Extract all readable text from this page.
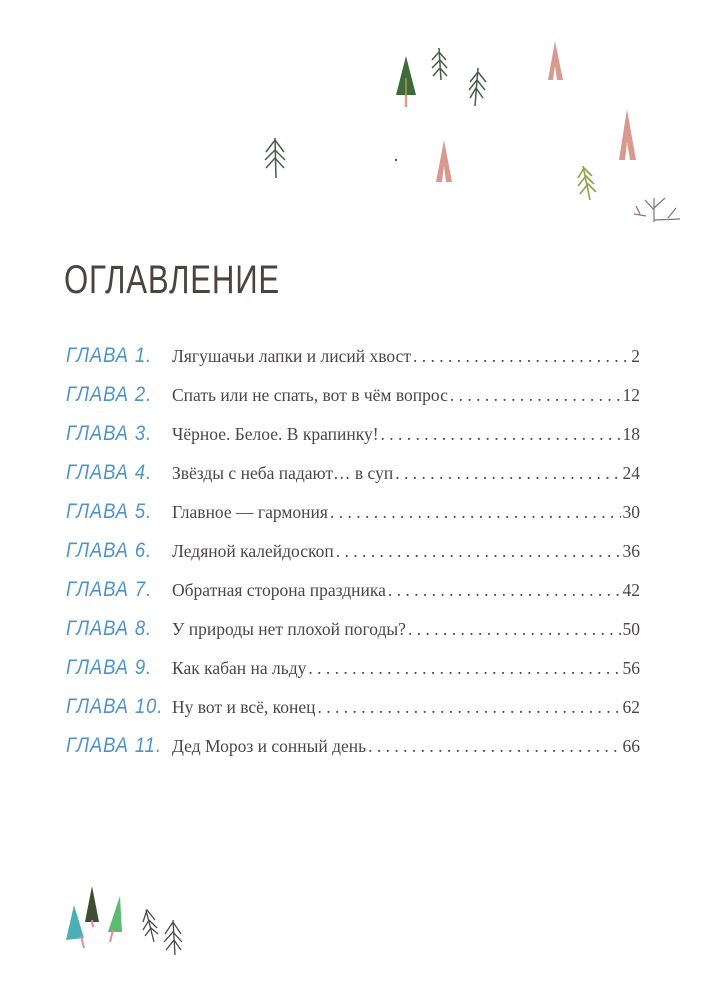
ОГЛАВЛЕНИЕ
ГЛАВА 1.	Лягушачьи лапки и лисий хвост . . .	2
ГЛАВА 2.	Спать или не спать, вот в чём вопрос . . .	12
ГЛАВА 3.	Чёрное. Белое. В крапинку! . . .	18
ГЛАВА 4.	Звёзды с неба падают… в суп . . .	24
ГЛАВА 5.	Главное — гармония . . .	30
ГЛАВА 6.	Ледяной калейдоскоп . . .	36
ГЛАВА 7.	Обратная сторона праздника . . .	42
ГЛАВА 8.	У природы нет плохой погоды? . . .	50
ГЛАВА 9.	Как кабан на льду . . .	56
ГЛАВА 10. Ну вот и всё, конец . . .	62
ГЛАВА 11. Дед Мороз и сонный день . . .	66
